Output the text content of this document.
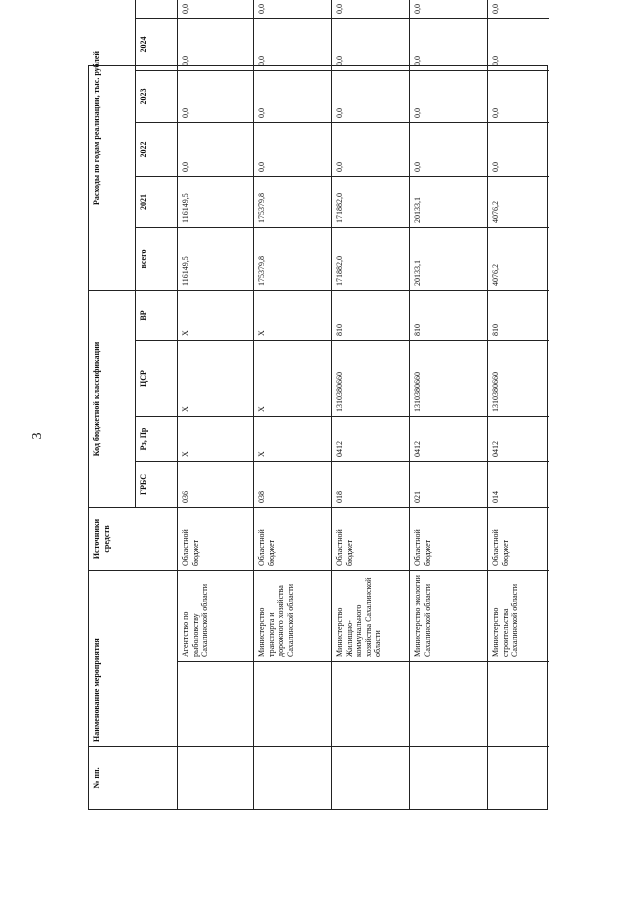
3
№ пп.
Наименование мероприятия
Источники средств
Код бюджетной классификации
Расходы по годам реализации, тыс. рублей
ГРБС
Рз, Пр
ЦСР
ВР
всего
2021
2022
2023
2024
Агентство по рыболовству Сахалинской области
Областной бюджет
036
Х
Х
Х
116149,5
116149,5
0,0
0,0
0,0
0,0
Министерство транспорта и дорожного хозяйства Сахалинской области
Областной бюджет
038
Х
Х
Х
175379,8
175379,8
0,0
0,0
0,0
0,0
Министерство Жилищно-коммунального хозяйства Сахалинской области
Областной бюджет
018
0412
1310380660
810
171882,0
171882,0
0,0
0,0
0,0
0,0
Министерство экологии Сахалинской области
Областной бюджет
021
0412
1310380660
810
20133,1
20133,1
0,0
0,0
0,0
0,0
Министерство строительства Сахалинской области
Областной бюджет
014
0412
1310380660
810
4076,2
4076,2
0,0
0,0
0,0
0,0
